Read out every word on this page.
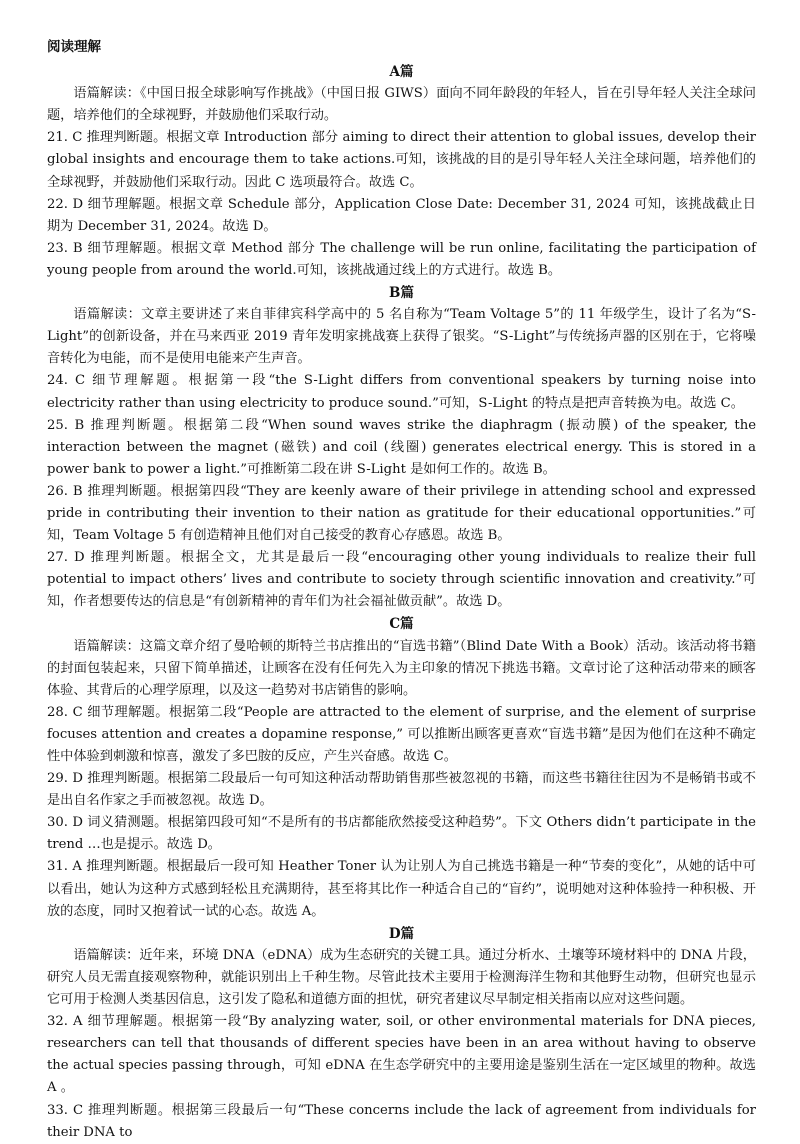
阅读理解
A篇

语篇解读：《中国日报全球影响写作挑战》（中国日报 GIWS）面向不同年龄段的年轻人，旨在引导年轻人关注全球问题，培养他们的全球视野，并鼓励他们采取行动。

21. C 推理判断题。根据文章 Introduction 部分 aiming to direct their attention to global issues, develop their global insights and encourage them to take actions.可知，该挑战的目的是引导年轻人关注全球问题，培养他们的全球视野，并鼓励他们采取行动。因此 C 选项最符合。故选 C。

22. D 细节理解题。根据文章 Schedule 部分，Application Close Date: December 31, 2024 可知，该挑战截止日期为 December 31, 2024。故选 D。

23. B 细节理解题。根据文章 Method 部分 The challenge will be run online, facilitating the participation of young people from around the world.可知，该挑战通过线上的方式进行。故选 B。

B篇

语篇解读：文章主要讲述了来自菲律宾科学高中的 5 名自称为“Team Voltage 5”的 11 年级学生，设计了名为“S-Light”的创新设备，并在马来西亚 2019 青年发明家挑战赛上获得了银奖。“S-Light”与传统扬声器的区别在于，它将噪音转化为电能，而不是使用电能来产生声音。

24. C 细节理解题。根据第一段“the S-Light differs from conventional speakers by turning noise into electricity rather than using electricity to produce sound.”可知，S-Light 的特点是把声音转换为电。故选 C。

25. B 推理判断题。根据第二段“When sound waves strike the diaphragm (振动膜) of the speaker, the interaction between the magnet (磁铁) and coil (线圈) generates electrical energy. This is stored in a power bank to power a light.”可推断第二段在讲 S-Light 是如何工作的。故选 B。

26. B 推理判断题。根据第四段“They are keenly aware of their privilege in attending school and expressed pride in contributing their invention to their nation as gratitude for their educational opportunities.”可知，Team Voltage 5 有创造精神且他们对自己接受的教育心存感恩。故选 B。

27. D 推理判断题。根据全文，尤其是最后一段“encouraging other young individuals to realize their full potential to impact others’ lives and contribute to society through scientific innovation and creativity.”可知，作者想要传达的信息是“有创新精神的青年们为社会福祉做贡献”。故选 D。

C篇

语篇解读：这篇文章介绍了曼哈顿的斯特兰书店推出的“盲选书籍”（Blind Date With a Book）活动。该活动将书籍的封面包装起来，只留下简单描述，让顾客在没有任何先入为主印象的情况下挑选书籍。文章讨论了这种活动带来的顾客体验、其背后的心理学原理，以及这一趋势对书店销售的影响。

28. C 细节理解题。根据第二段“People are attracted to the element of surprise, and the element of surprise focuses attention and creates a dopamine response,” 可以推断出顾客更喜欢“盲选书籍”是因为他们在这种不确定性中体验到刺激和惊喜，激发了多巴胺的反应，产生兴奋感。故选 C。

29. D 推理判断题。根据第二段最后一句可知这种活动帮助销售那些被忽视的书籍，而这些书籍往往因为不是畅销书或不是出自名作家之手而被忽视。故选 D。

30. D 词义猜测题。根据第四段可知“不是所有的书店都能欣然接受这种趋势”。下文 Others didn’t participate in the trend …也是提示。故选 D。

31. A 推理判断题。根据最后一段可知 Heather Toner 认为让别人为自己挑选书籍是一种“节奏的变化”，从她的话中可以看出，她认为这种方式感到轻松且充满期待，甚至将其比作一种适合自己的“盲约”，说明她对这种体验持一种积极、开放的态度，同时又抱着试一试的心态。故选 A。

D篇

语篇解读：近年来，环境 DNA（eDNA）成为生态研究的关键工具。通过分析水、土壤等环境材料中的 DNA 片段，研究人员无需直接观察物种，就能识别出上千种生物。尽管此技术主要用于检测海洋生物和其他野生动物，但研究也显示它可用于检测人类基因信息，这引发了隐私和道德方面的担忧，研究者建议尽早制定相关指南以应对这些问题。

32. A 细节理解题。根据第一段“By analyzing water, soil, or other environmental materials for DNA pieces, researchers can tell that thousands of different species have been in an area without having to observe the actual species passing through，可知 eDNA 在生态学研究中的主要用途是鉴别生活在一定区域里的物种。故选 A 。

33. C 推理判断题。根据第三段最后一句“These concerns include the lack of agreement from individuals for their DNA to
